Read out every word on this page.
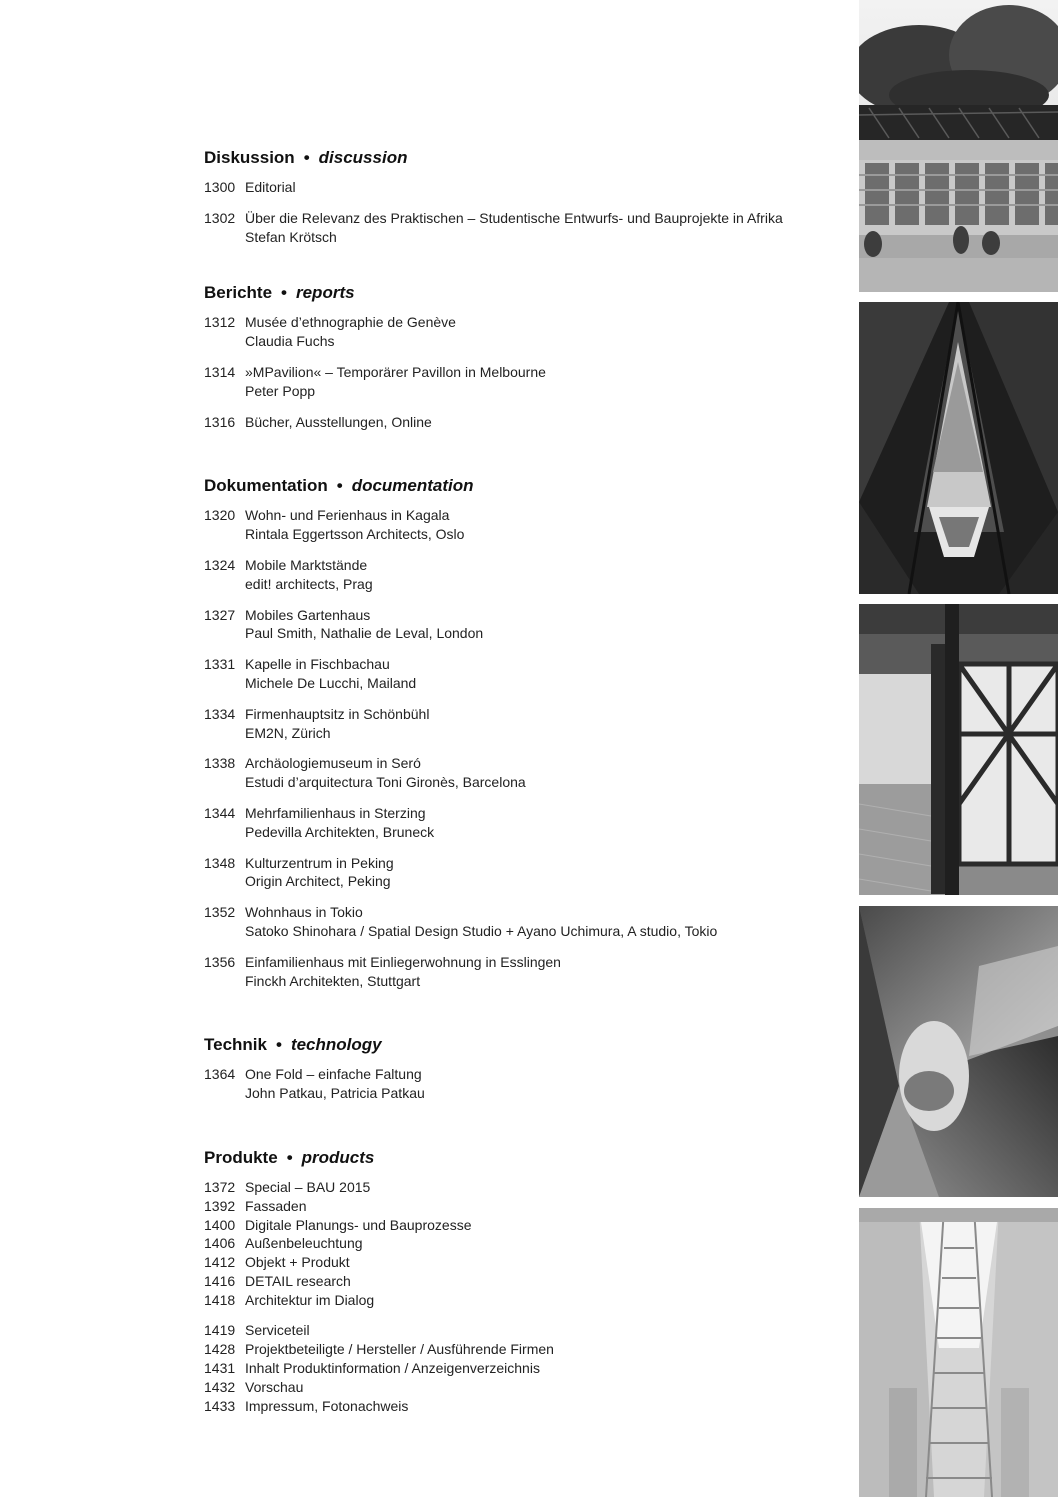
Diskussion • discussion
1300 Editorial
1302 Über die Relevanz des Praktischen – Studentische Entwurfs- und Bauprojekte in Afrika
Stefan Krötsch
Berichte • reports
1312 Musée d’ethnographie de Genève
Claudia Fuchs
1314 »MPavilion« – Temporärer Pavillon in Melbourne
Peter Popp
1316 Bücher, Ausstellungen, Online
Dokumentation • documentation
1320 Wohn- und Ferienhaus in Kagala
Rintala Eggertsson Architects, Oslo
1324 Mobile Marktstände
edit! architects, Prag
1327 Mobiles Gartenhaus
Paul Smith, Nathalie de Leval, London
1331 Kapelle in Fischbachau
Michele De Lucchi, Mailand
1334 Firmenhauptsitz in Schönbühl
EM2N, Zürich
1338 Archäologiemuseum in Seró
Estudi d’arquitectura Toni Gironès, Barcelona
1344 Mehrfamilienhaus in Sterzing
Pedevilla Architekten, Bruneck
1348 Kulturzentrum in Peking
Origin Architect, Peking
1352 Wohnhaus in Tokio
Satoko Shinohara / Spatial Design Studio + Ayano Uchimura, A studio, Tokio
1356 Einfamilienhaus mit Einliegerwohnung in Esslingen
Finckh Architekten, Stuttgart
Technik • technology
1364 One Fold – einfache Faltung
John Patkau, Patricia Patkau
Produkte • products
1372 Special – BAU 2015
1392 Fassaden
1400 Digitale Planungs- und Bauprozesse
1406 Außenbeleuchtung
1412 Objekt + Produkt
1416 DETAIL research
1418 Architektur im Dialog
1419 Serviceteil
1428 Projektbeteiligte / Hersteller / Ausführende Firmen
1431 Inhalt Produktinformation / Anzeigenverzeichnis
1432 Vorschau
1433 Impressum, Fotonachweis
